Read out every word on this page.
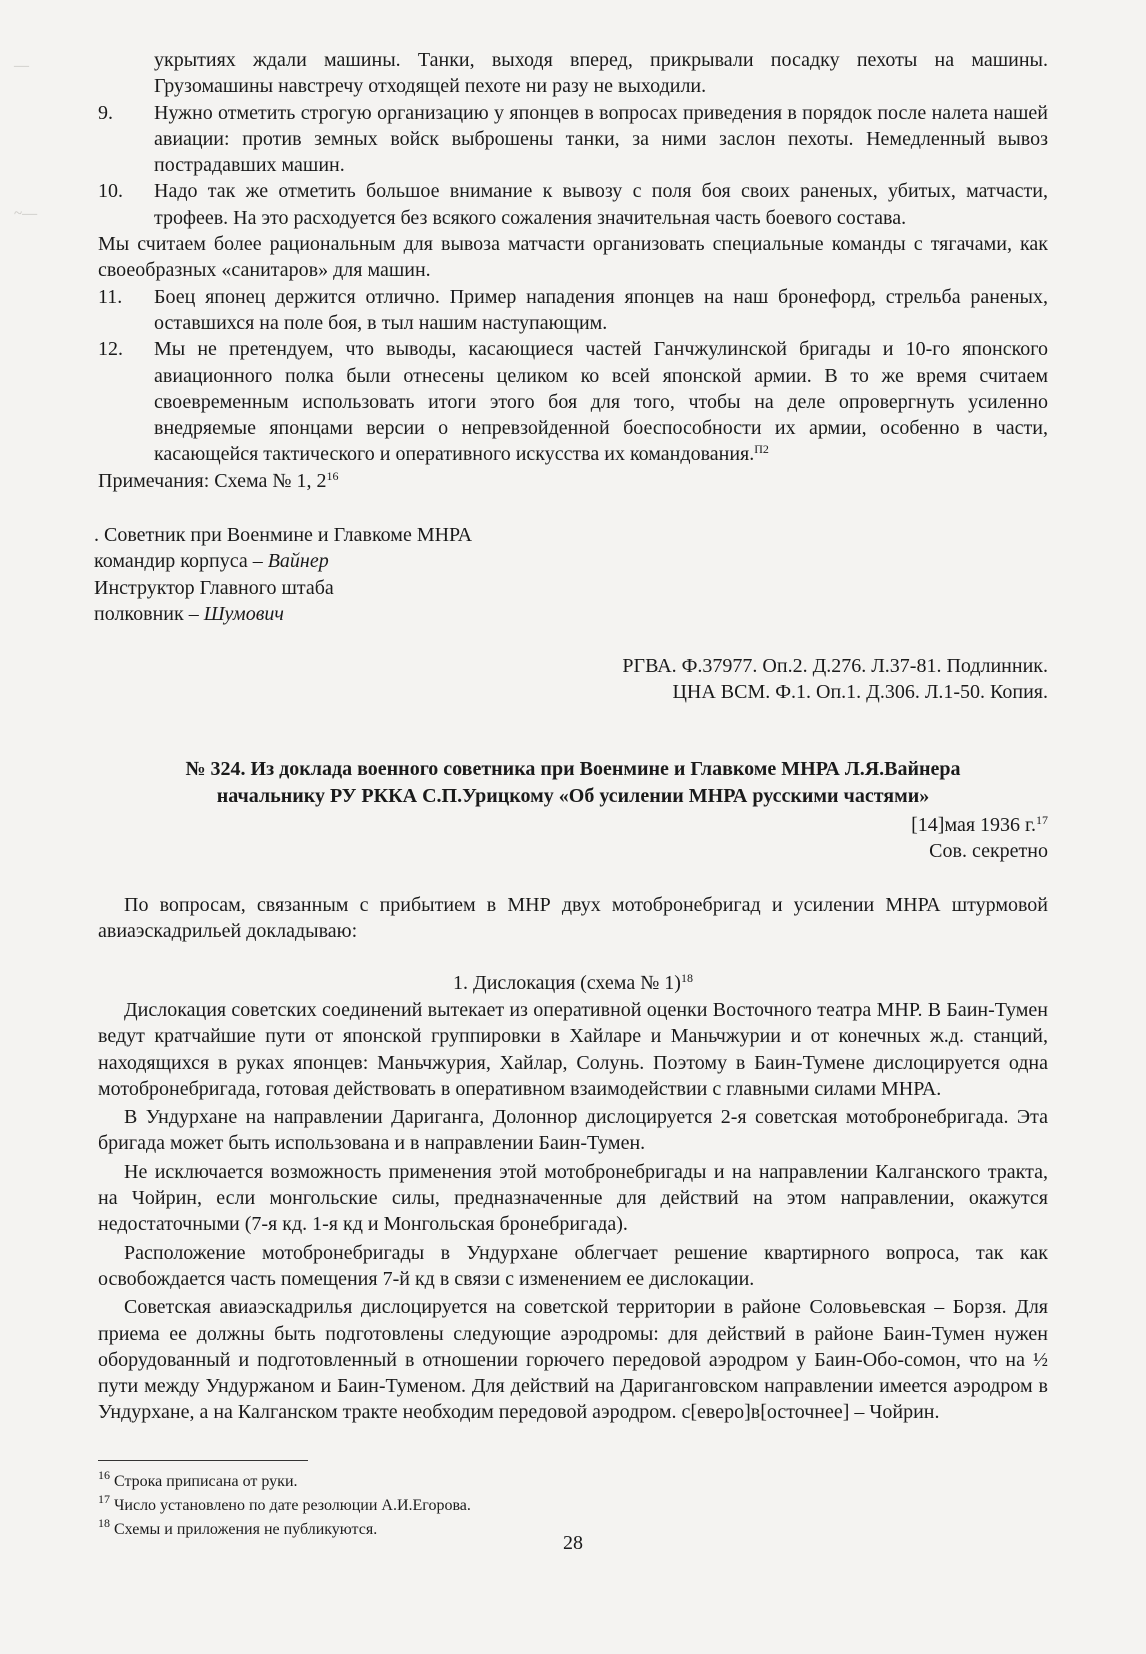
—
~—
укрытиях ждали машины. Танки, выходя вперед, прикрывали посадку пехоты на машины. Грузомашины навстречу отходящей пехоте ни разу не выходили.
9.	Нужно отметить строгую организацию у японцев в вопросах приведения в порядок после налета нашей авиации: против земных войск выброшены танки, за ними заслон пехоты. Немедленный вывоз пострадавших машин.
10.	Надо так же отметить большое внимание к вывозу с поля боя своих раненых, убитых, матчасти, трофеев. На это расходуется без всякого сожаления значительная часть боевого состава.
Мы считаем более рациональным для вывоза матчасти организовать специальные команды с тягачами, как своеобразных «санитаров» для машин.
11.	Боец японец держится отлично. Пример нападения японцев на наш бронефорд, стрельба раненых, оставшихся на поле боя, в тыл нашим наступающим.
12.	Мы не претендуем, что выводы, касающиеся частей Ганчжулинской бригады и 10-го японского авиационного полка были отнесены целиком ко всей японской армии. В то же время считаем своевременным использовать итоги этого боя для того, чтобы на деле опровергнуть усиленно внедряемые японцами версии о непревзойденной боеспособности их армии, особенно в части, касающейся тактического и оперативного искусства их командования.$^{П2}$
Примечания: Схема № 1, $2^{16}$
. Советник при Военмине и Главкоме МНРА
командир корпуса – Вайнер
Инструктор Главного штаба
полковник – Шумович
РГВА. Ф.37977. Оп.2. Д.276. Л.37-81. Подлинник.
ЦНА ВСМ. Ф.1. Оп.1. Д.306. Л.1-50. Копия.
№ 324. Из доклада военного советника при Военмине и Главкоме МНРА Л.Я.Вайнера
начальнику РУ РККА С.П.Урицкому «Об усилении МНРА русскими частями»
[14]мая 1936 г.$^{17}$
Сов. секретно
По вопросам, связанным с прибытием в МНР двух мотобронебригад и усилении МНРА штурмовой авиаэскадрильей докладываю:
1. Дислокация (схема № 1)$^{18}$

Дислокация советских соединений вытекает из оперативной оценки Восточного театра МНР. В Баин-Тумен ведут кратчайшие пути от японской группировки в Хайларе и Маньчжурии и от конечных ж.д. станций, находящихся в руках японцев: Маньчжурия, Хайлар, Солунь. Поэтому в Баин-Тумене дислоцируется одна мотобронебригада, готовая действовать в оперативном взаимодействии с главными силами МНРА.

В Ундурхане на направлении Дариганга, Долоннор дислоцируется 2-я советская мотобронебригада. Эта бригада может быть использована и в направлении Баин-Тумен.

Не исключается возможность применения этой мотобронебригады и на направлении Калганского тракта, на Чойрин, если монгольские силы, предназначенные для действий на этом направлении, окажутся недостаточными (7-я кд. 1-я кд и Монгольская бронебригада).

Расположение мотобронебригады в Ундурхане облегчает решение квартирного вопроса, так как освобождается часть помещения 7-й кд в связи с изменением ее дислокации.

Советская авиаэскадрилья дислоцируется на советской территории в районе Соловьевская – Борзя. Для приема ее должны быть подготовлены следующие аэродромы: для действий в районе Баин-Тумен нужен оборудованный и подготовленный в отношении горючего передовой аэродром у Баин-Обо-сомон, что на ½ пути между Ундуржаном и Баин-Туменом. Для действий на Дариганговском направлении имеется аэродром в Ундурхане, а на Калганском тракте необходим передовой аэродром. с[еверо]в[осточнее] – Чойрин.

$^{16}$ Строка приписана от руки.
$^{17}$ Число установлено по дате резолюции А.И.Егорова.
$^{18}$ Схемы и приложения не публикуются.
28
